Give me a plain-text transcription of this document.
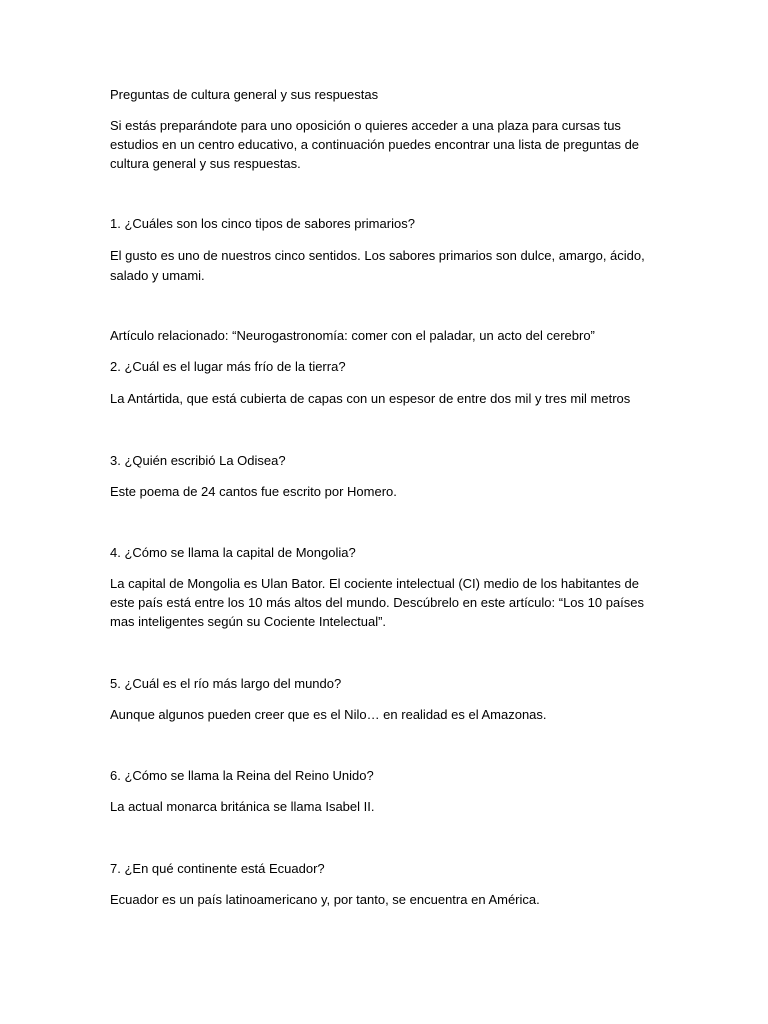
Preguntas de cultura general y sus respuestas

Si estás preparándote para uno oposición o quieres acceder a una plaza para cursas tus

estudios en un centro educativo, a continuación puedes encontrar una lista de preguntas de

cultura general y sus respuestas.

1. ¿Cuáles son los cinco tipos de sabores primarios?

El gusto es uno de nuestros cinco sentidos. Los sabores primarios son dulce, amargo, ácido,

salado y umami.

Artículo relacionado: “Neurogastronomía: comer con el paladar, un acto del cerebro”

2. ¿Cuál es el lugar más frío de la tierra?

La Antártida, que está cubierta de capas con un espesor de entre dos mil y tres mil metros

3. ¿Quién escribió La Odisea?

Este poema de 24 cantos fue escrito por Homero.

4. ¿Cómo se llama la capital de Mongolia?

La capital de Mongolia es Ulan Bator. El cociente intelectual (CI) medio de los habitantes de

este país está entre los 10 más altos del mundo. Descúbrelo en este artículo: “Los 10 países

mas inteligentes según su Cociente Intelectual”.

5. ¿Cuál es el río más largo del mundo?

Aunque algunos pueden creer que es el Nilo… en realidad es el Amazonas.

6. ¿Cómo se llama la Reina del Reino Unido?

La actual monarca británica se llama Isabel II.

7. ¿En qué continente está Ecuador?

Ecuador es un país latinoamericano y, por tanto, se encuentra en América.
